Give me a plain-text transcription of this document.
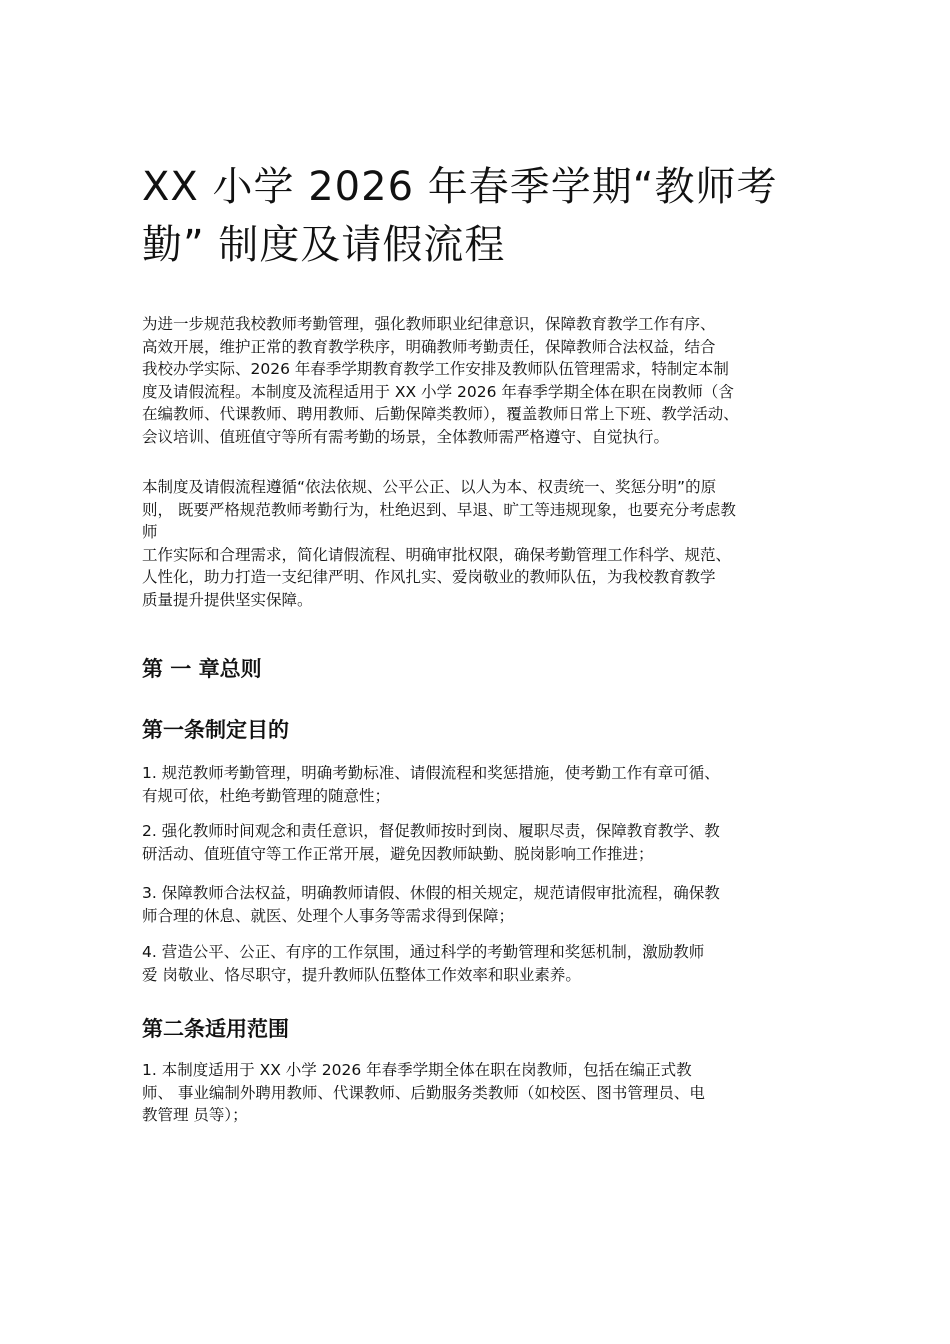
XX 小学 2026 年春季学期“教师考
勤” 制度及请假流程
为进一步规范我校教师考勤管理，强化教师职业纪律意识，保障教育教学工作有序、
高效开展，维护正常的教育教学秩序，明确教师考勤责任，保障教师合法权益，结合
我校办学实际、2026 年春季学期教育教学工作安排及教师队伍管理需求，特制定本制
度及请假流程。本制度及流程适用于 XX 小学 2026 年春季学期全体在职在岗教师（含
在编教师、代课教师、聘用教师、后勤保障类教师），覆盖教师日常上下班、教学活动、
会议培训、值班值守等所有需考勤的场景，全体教师需严格遵守、自觉执行。
本制度及请假流程遵循“依法依规、公平公正、以人为本、权责统一、奖惩分明”的原
则， 既要严格规范教师考勤行为，杜绝迟到、早退、旷工等违规现象，也要充分考虑教
师
工作实际和合理需求，简化请假流程、明确审批权限，确保考勤管理工作科学、规范、
人性化，助力打造一支纪律严明、作风扎实、爱岗敬业的教师队伍，为我校教育教学
质量提升提供坚实保障。
第 一 章总则
第一条制定目的
1. 规范教师考勤管理，明确考勤标准、请假流程和奖惩措施，使考勤工作有章可循、
有规可依，杜绝考勤管理的随意性；
2. 强化教师时间观念和责任意识，督促教师按时到岗、履职尽责，保障教育教学、教
研活动、值班值守等工作正常开展，避免因教师缺勤、脱岗影响工作推进；
3. 保障教师合法权益，明确教师请假、休假的相关规定，规范请假审批流程，确保教
师合理的休息、就医、处理个人事务等需求得到保障；
4. 营造公平、公正、有序的工作氛围，通过科学的考勤管理和奖惩机制，激励教师
爱 岗敬业、恪尽职守，提升教师队伍整体工作效率和职业素养。
第二条适用范围
1. 本制度适用于 XX 小学 2026 年春季学期全体在职在岗教师，包括在编正式教
师、 事业编制外聘用教师、代课教师、后勤服务类教师（如校医、图书管理员、电
教管理 员等）；
